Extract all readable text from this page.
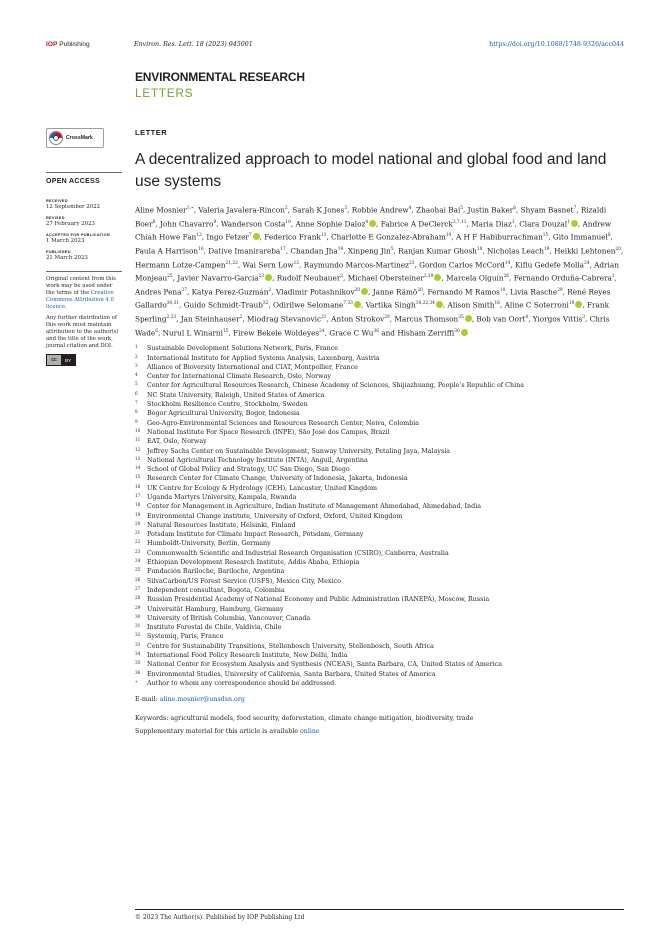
IOP Publishing	Environ. Res. Lett. 18 (2023) 045001	https://doi.org/10.1088/1748-9326/acc044
ENVIRONMENTAL RESEARCH
LETTERS
CrossMark
OPEN ACCESS
RECEIVED
12 September 2022
REVISED
27 February 2023
ACCEPTED FOR PUBLICATION
1 March 2023
PUBLISHED
21 March 2023

Original content from this work may be used under the terms of the Creative Commons Attribution 4.0 licence.

Any further distribution of this work must maintain attribution to the author(s) and the title of the work, journal citation and DOI.

cc	BY
LETTER
A decentralized approach to model national and global food and land use systems
Aline Mosnier$^{1,∗}$, Valeria Javalera-Rincon$^2$, Sarah K Jones$^3$, Robbie Andrew$^4$, Zhaohai Bai$^5$, Justin Baker$^6$, Shyam Basnet$^7$, Rizaldi Boer$^8$, John Chavarro$^9$, Wanderson Costa$^{10}$, Anne Sophie Daloz$^4$ , Fabrice A DeClerck$^{3,7,11}$, Maria Diaz$^1$, Clara Douzal$^1$ , Andrew Chiah Howe Fan$^{12}$, Ingo Fetzer$^7$ , Federico Frank$^{13}$, Charlotte E Gonzalez-Abraham$^{14}$, A H F Habiburrachman$^{15}$, Gito Immanuel$^8$, Paula A Harrison$^{16}$, Dative Imanirareba$^{17}$, Chandan Jha$^{18}$, Xinpeng Jin$^5$, Ranjan Kumar Ghosh$^{18}$, Nicholas Leach$^{19}$, Heikki Lehtonen$^{20}$, Hermann Lotze-Campen$^{21,22}$, Wai Sern Low$^{12}$, Raymundo Marcos-Martinez$^{23}$, Gordon Carlos McCord$^{14}$, Kiflu Gedefe Molla$^{24}$, Adrian Monjeau$^{25}$, Javier Navarro-Garcia$^{23}$ , Rudolf Neubauer$^2$, Michael Obersteiner$^{2,19}$ , Marcela Olguín$^{26}$, Fernando Orduña-Cabrera$^2$, Andres Pena$^{27}$, Katya Perez-Guzmán$^2$, Vladimir Potashnikov$^{28}$ , Janne Rämö$^{20}$, Fernando M Ramos$^{10}$, Livia Rasche$^{29}$, René Reyes Gallardo$^{30,31}$, Guido Schmidt-Traub$^{32}$, Odirilwe Selomane$^{7,33}$ , Vartika Singh$^{18,22,34}$ , Alison Smith$^{16}$, Aline C Soterroni$^{19}$ , Frank Sperling$^{2,23}$, Jan Steinhauser$^2$, Miodrag Stevanovic$^{21}$, Anton Strokov$^{28}$, Marcus Thomson$^{35}$ , Bob van Oort$^4$, Yiorgos Vittis$^3$, Chris Wade$^6$, Nurul L Winarni$^{15}$, Firew Bekele Woldeyes$^{24}$, Grace C Wu$^{36}$ and Hisham Zerriffi$^{30}$
1	Sustainable Development Solutions Network, Paris, France
2	International Institute for Applied Systems Analysis, Laxenburg, Austria
3	Alliance of Bioversity International and CIAT, Montpellier, France
4	Center for International Climate Research, Oslo, Norway
5	Center for Agricultural Resources Research, Chinese Academy of Sciences, Shijiazhuang, People’s Republic of China
6	NC State University, Raleigh, United States of America
7	Stockholm Resilience Centre, Stockholm, Sweden
8	Bogor Agricultural University, Bogor, Indonesia
9	Geo-Agro-Environmental Sciences and Resources Research Center, Neiva, Colombia
10	National Institute For Space Research (INPE), São José dos Campos, Brazil
11	EAT, Oslo, Norway
12	Jeffrey Sachs Center on Sustainable Development, Sunway University, Petaling Jaya, Malaysia
13	National Agricultural Technology Institute (INTA), Anguil, Argentina
14	School of Global Policy and Strategy, UC San Diego, San Diego
15	Research Center for Climate Change, University of Indonesia, Jakarta, Indonesia
16	UK Centre for Ecology & Hydrology (CEH), Lancaster, United Kingdom
17	Uganda Martyrs University, Kampala, Rwanda
18	Center for Management in Agriculture, Indian Institute of Management Ahmedabad, Ahmedabad, India
19	Environmental Change institute, University of Oxford, Oxford, United Kingdom
20	Natural Resources Institute, Helsinki, Finland
21	Potsdam Institute for Climate Impact Research, Potsdam, Germany
22	Humboldt-University, Berlin, Germany
23	Commonwealth Scientific and Industrial Research Organisation (CSIRO), Canberra, Australia
24	Ethiopian Development Research Institute, Addis Ababa, Ethiopia
25	Fundación Bariloche, Bariloche, Argentina
26	SilvaCarbon/US Forest Service (USFS), Mexico City, Mexico
27	Independent consultant, Bogota, Colombia
28	Russian Presidential Academy of National Economy and Public Administration (RANEPA), Moscow, Russia
29	Universität Hamburg, Hamburg, Germany
30	University of British Columbia, Vancouver, Canada
31	Instituto Forestal de Chile, Valdivia, Chile
32	Systemiq, Paris, France
33	Centre for Sustainability Transitions, Stellenbosch University, Stellenbosch, South Africa
34	International Food Policy Research Institute, New Delhi, India
35	National Center for Ecosystem Analysis and Synthesis (NCEAS), Santa Barbara, CA, United States of America
36	Environmental Studies, University of California, Santa Barbara, United States of America
∗	Author to whom any correspondence should be addressed.
E-mail: aline.mosnier@unsdsn.org
Keywords: agricultural models, food security, deforestation, climate change mitigation, biodiversity, trade
Supplementary material for this article is available online
© 2023 The Author(s). Published by IOP Publishing Ltd
